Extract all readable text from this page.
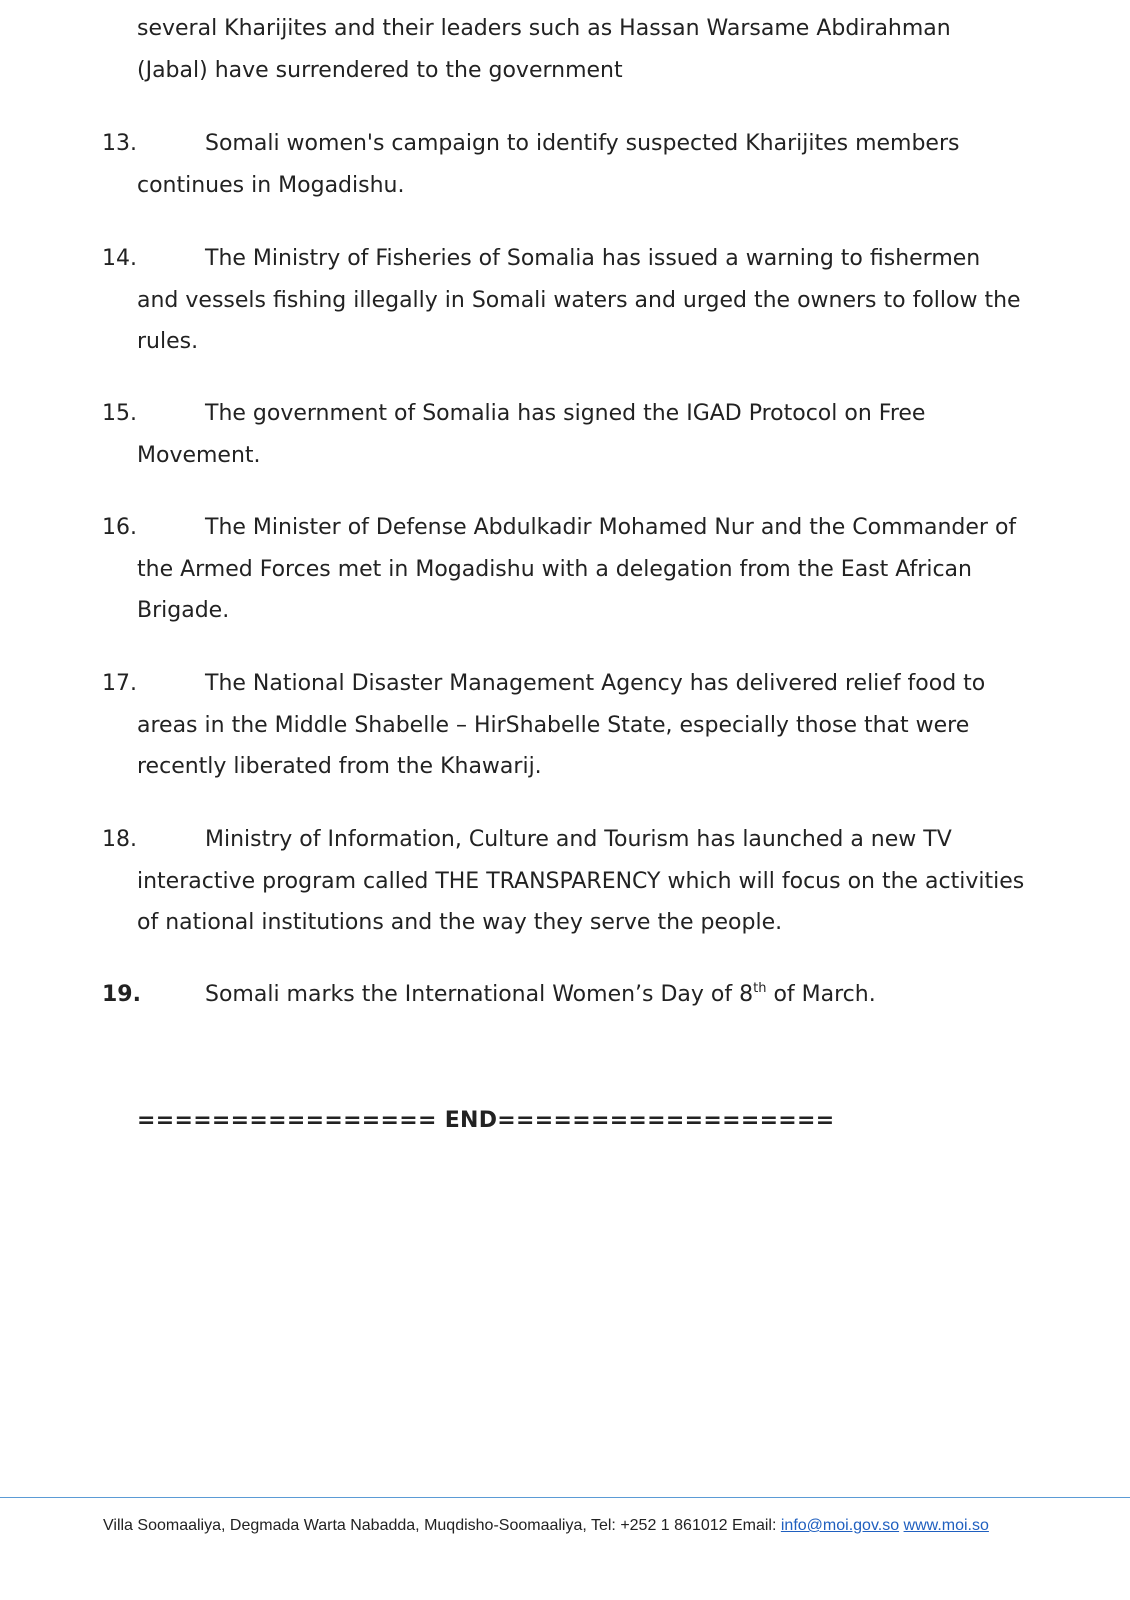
several Kharijites and their leaders such as Hassan Warsame Abdirahman
(Jabal) have surrendered to the government
13.	Somali women's campaign to identify suspected Kharijites members
continues in Mogadishu.
14.	The Ministry of Fisheries of Somalia has issued a warning to fishermen
and vessels fishing illegally in Somali waters and urged the owners to follow the
rules.
15.	The government of Somalia has signed the IGAD Protocol on Free
Movement.
16.	The Minister of Defense Abdulkadir Mohamed Nur and the Commander of
the Armed Forces met in Mogadishu with a delegation from the East African
Brigade.
17.	The National Disaster Management Agency has delivered relief food to
areas in the Middle Shabelle – HirShabelle State, especially those that were
recently liberated from the Khawarij.
18.	Ministry of Information, Culture and Tourism has launched a new TV
interactive program called THE TRANSPARENCY which will focus on the activities
of national institutions and the way they serve the people.
19.	Somali marks the International Women’s Day of 8th of March.
================ END==================
Villa Soomaaliya, Degmada Warta Nabadda, Muqdisho-Soomaaliya, Tel: +252 1 861012 Email: info@moi.gov.so www.moi.so
